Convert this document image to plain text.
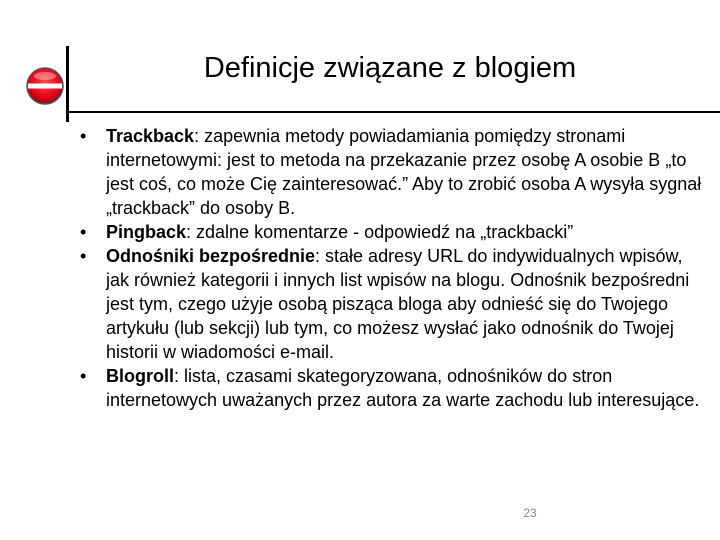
Definicje związane z blogiem
•	Trackback: zapewnia metody powiadamiania pomiędzy stronami internetowymi: jest to metoda na przekazanie przez osobę A osobie B „to jest coś, co może Cię zainteresować.” Aby to zrobić osoba A wysyła sygnał „trackback” do osoby B.
•	Pingback: zdalne komentarze - odpowiedź na „trackbacki”
•	Odnośniki bezpośrednie: stałe adresy URL do indywidualnych wpisów, jak również kategorii i innych list wpisów na blogu. Odnośnik bezpośredni jest tym, czego użyje osobą pisząca bloga aby odnieść się do Twojego artykułu (lub sekcji) lub tym, co możesz wysłać jako odnośnik do Twojej historii w wiadomości e-mail.
•	Blogroll: lista, czasami skategoryzowana, odnośników do stron internetowych uważanych przez autora za warte zachodu lub interesujące.
23
